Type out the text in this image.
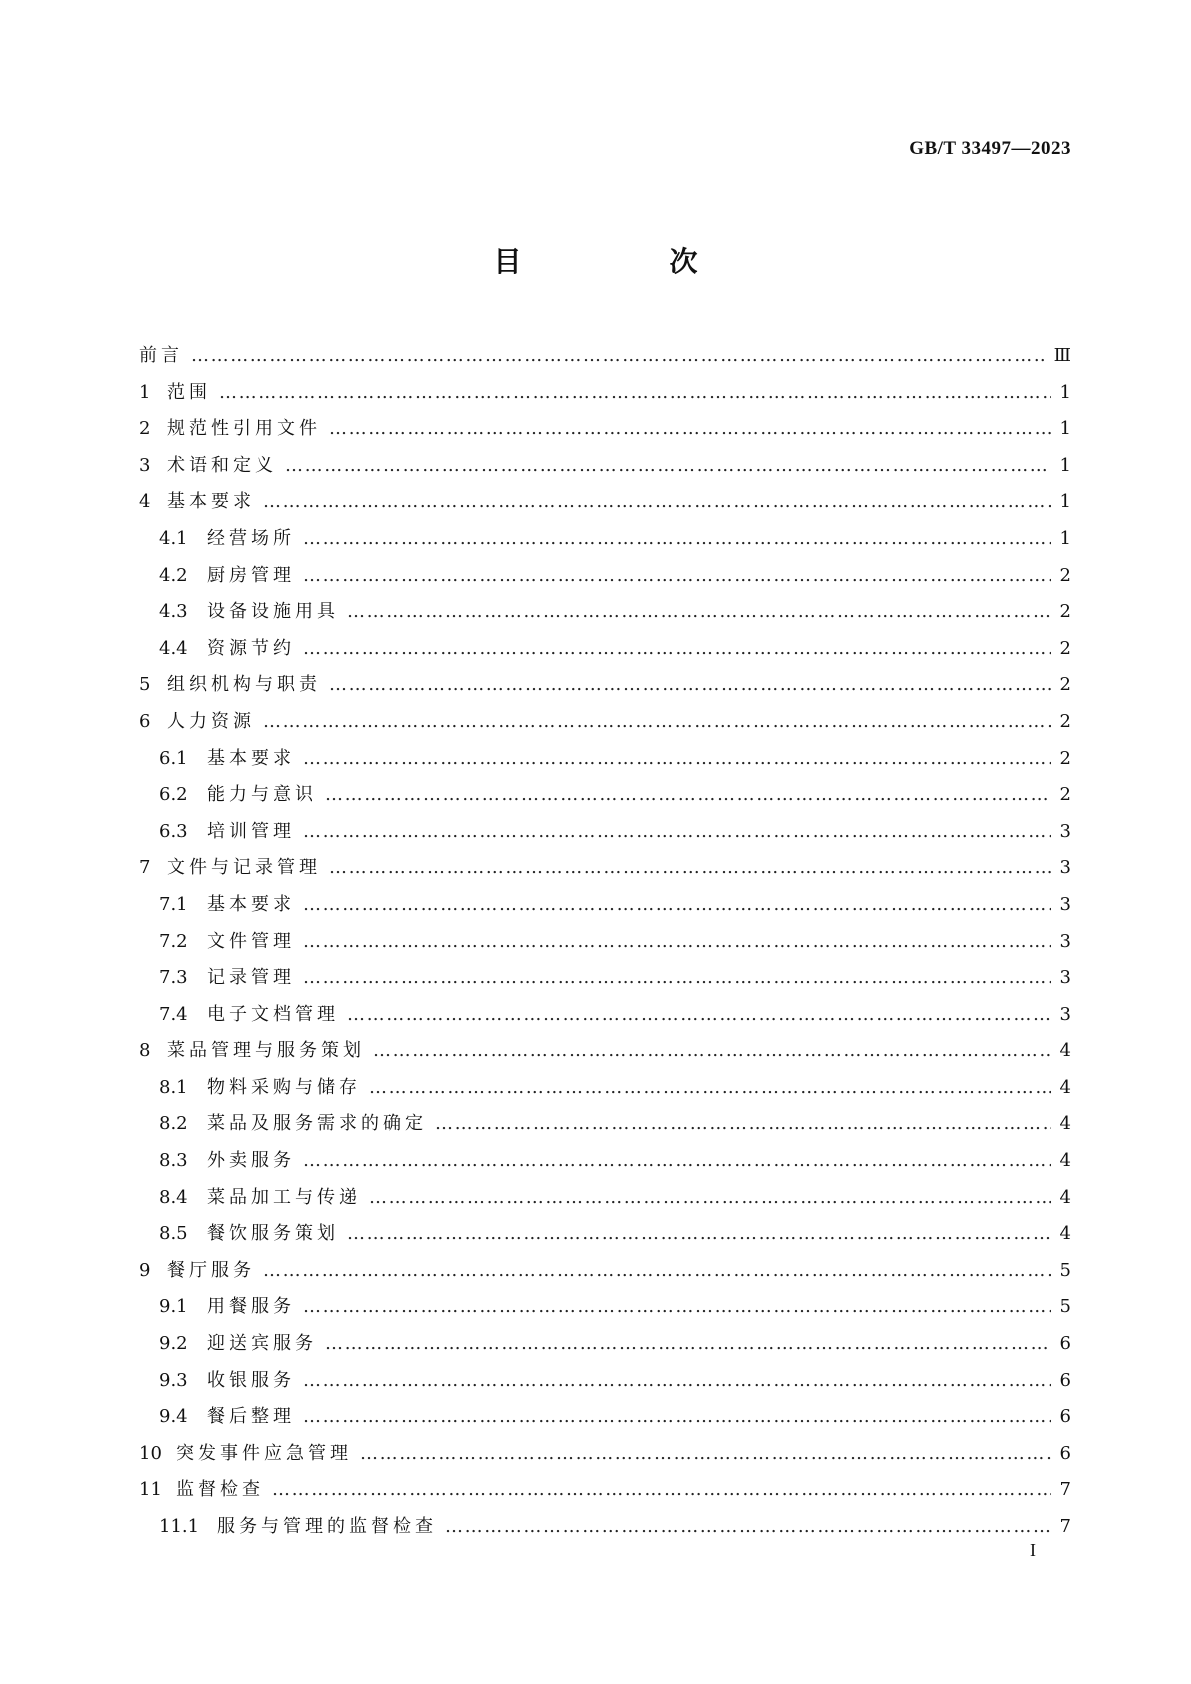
GB/T 33497—2023
目　次
前言 ………………………………………………………………………………………………………………………………………………………………………………………………………	Ⅲ
1 范围 ………………………………………………………………………………………………………………………………………………………………………………………………………	1
2 规范性引用文件 ………………………………………………………………………………………………………………………………………………………………………………………………………	1
3 术语和定义 ………………………………………………………………………………………………………………………………………………………………………………………………………	1
4 基本要求 ………………………………………………………………………………………………………………………………………………………………………………………………………	1
4.1	经营场所 ………………………………………………………………………………………………………………………………………………………………………………………………………	1
4.2	厨房管理 ………………………………………………………………………………………………………………………………………………………………………………………………………	2
4.3	设备设施用具 ………………………………………………………………………………………………………………………………………………………………………………………………………	2
4.4	资源节约 ………………………………………………………………………………………………………………………………………………………………………………………………………	2
5 组织机构与职责 ………………………………………………………………………………………………………………………………………………………………………………………………………	2
6 人力资源 ………………………………………………………………………………………………………………………………………………………………………………………………………	2
6.1	基本要求 ………………………………………………………………………………………………………………………………………………………………………………………………………	2
6.2	能力与意识 ………………………………………………………………………………………………………………………………………………………………………………………………………	2
6.3	培训管理 ………………………………………………………………………………………………………………………………………………………………………………………………………	3
7 文件与记录管理 ………………………………………………………………………………………………………………………………………………………………………………………………………	3
7.1	基本要求 ………………………………………………………………………………………………………………………………………………………………………………………………………	3
7.2	文件管理 ………………………………………………………………………………………………………………………………………………………………………………………………………	3
7.3	记录管理 ………………………………………………………………………………………………………………………………………………………………………………………………………	3
7.4	电子文档管理 ………………………………………………………………………………………………………………………………………………………………………………………………………	3
8 菜品管理与服务策划 ………………………………………………………………………………………………………………………………………………………………………………………………………	4
8.1	物料采购与储存 ………………………………………………………………………………………………………………………………………………………………………………………………………	4
8.2	菜品及服务需求的确定 ………………………………………………………………………………………………………………………………………………………………………………………………………	4
8.3	外卖服务 ………………………………………………………………………………………………………………………………………………………………………………………………………	4
8.4	菜品加工与传递 ………………………………………………………………………………………………………………………………………………………………………………………………………	4
8.5	餐饮服务策划 ………………………………………………………………………………………………………………………………………………………………………………………………………	4
9 餐厅服务 ………………………………………………………………………………………………………………………………………………………………………………………………………	5
9.1	用餐服务 ………………………………………………………………………………………………………………………………………………………………………………………………………	5
9.2	迎送宾服务 ………………………………………………………………………………………………………………………………………………………………………………………………………	6
9.3	收银服务 ………………………………………………………………………………………………………………………………………………………………………………………………………	6
9.4	餐后整理 ………………………………………………………………………………………………………………………………………………………………………………………………………	6
10 突发事件应急管理 ………………………………………………………………………………………………………………………………………………………………………………………………………	6
11 监督检查 ………………………………………………………………………………………………………………………………………………………………………………………………………	7
11.1 服务与管理的监督检查 ………………………………………………………………………………………………………………………………………………………………………………………………………	7
I
